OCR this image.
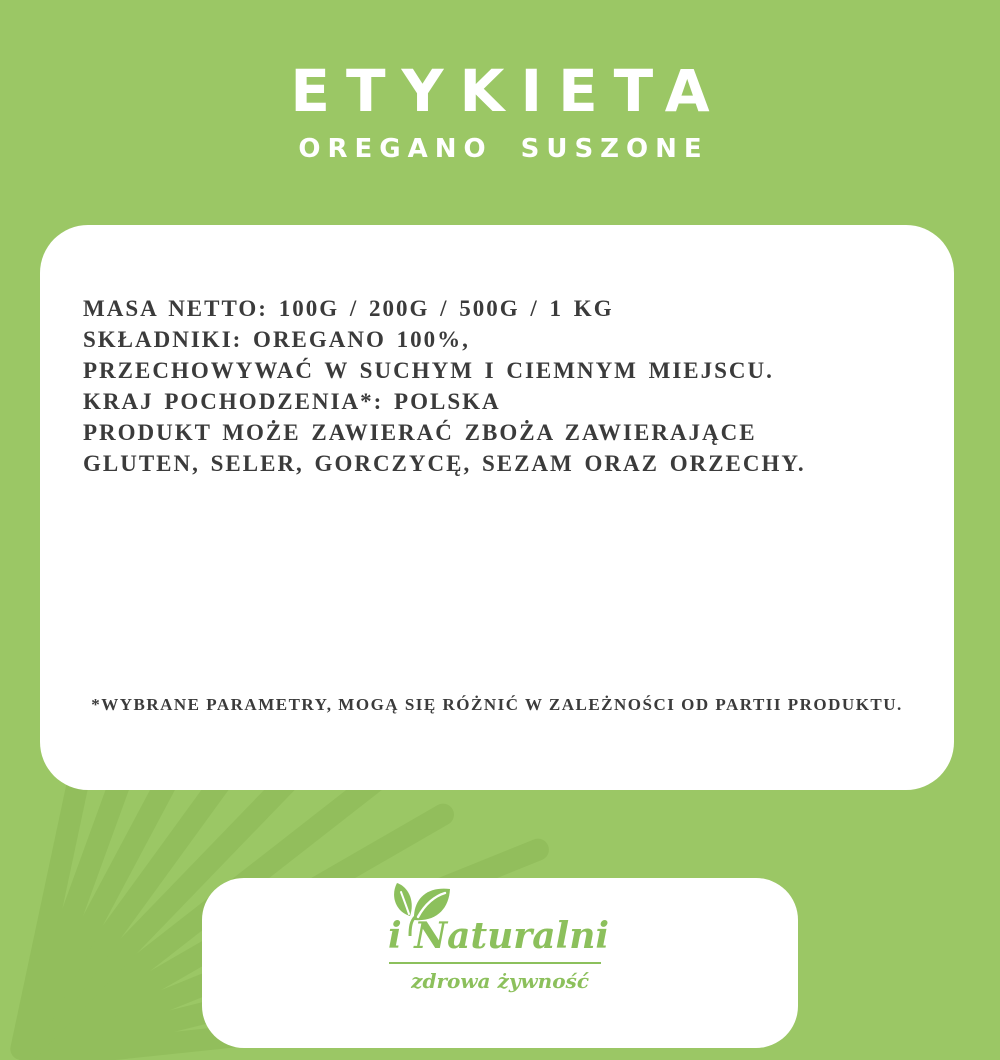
ETYKIETA
OREGANO SUSZONE
MASA NETTO: 100G / 200G / 500G / 1 KG
SKŁADNIKI: OREGANO 100%,
PRZECHOWYWAĆ W SUCHYM I CIEMNYM MIEJSCU.
KRAJ POCHODZENIA*: POLSKA
PRODUKT MOŻE ZAWIERAĆ ZBOŻA ZAWIERAJĄCE
GLUTEN, SELER, GORCZYCĘ, SEZAM ORAZ ORZECHY.
*WYBRANE PARAMETRY, MOGĄ SIĘ RÓŻNIĆ W ZALEŻNOŚCI OD PARTII PRODUKTU.
i Naturalni
zdrowa żywność
